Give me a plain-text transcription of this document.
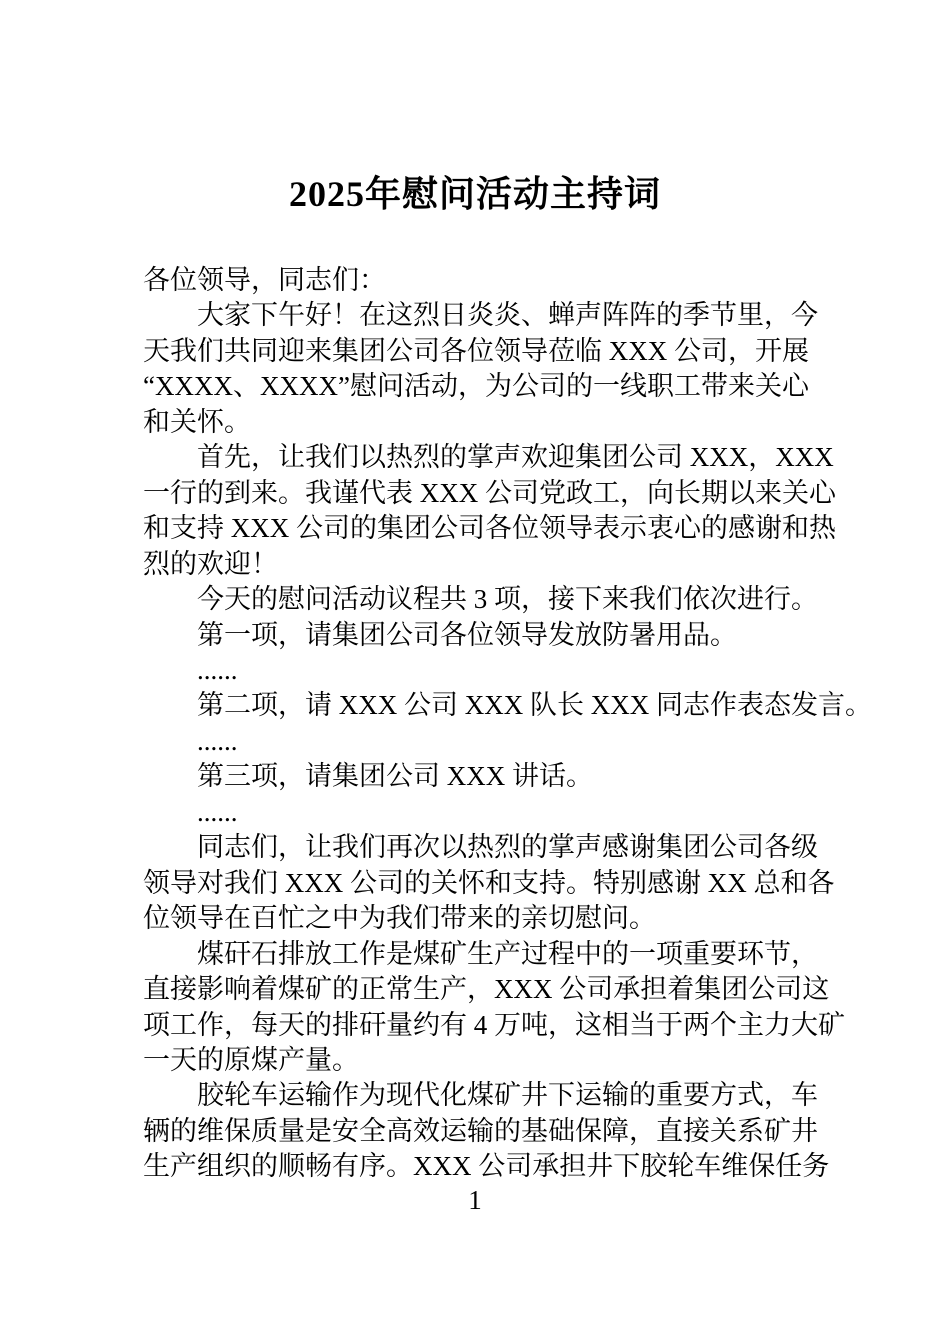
2025年慰问活动主持词
各位领导，同志们：
大家下午好！在这烈日炎炎、蝉声阵阵的季节里，今
天我们共同迎来集团公司各位领导莅临 XXX 公司，开展
“XXXX、XXXX”慰问活动，为公司的一线职工带来关心
和关怀。
首先，让我们以热烈的掌声欢迎集团公司 XXX，XXX
一行的到来。我谨代表 XXX 公司党政工，向长期以来关心
和支持 XXX 公司的集团公司各位领导表示衷心的感谢和热
烈的欢迎！
今天的慰问活动议程共 3 项，接下来我们依次进行。
第一项，请集团公司各位领导发放防暑用品。
......
第二项，请 XXX 公司 XXX 队长 XXX 同志作表态发言。
......
第三项，请集团公司 XXX 讲话。
......
同志们，让我们再次以热烈的掌声感谢集团公司各级
领导对我们 XXX 公司的关怀和支持。特别感谢 XX 总和各
位领导在百忙之中为我们带来的亲切慰问。
煤矸石排放工作是煤矿生产过程中的一项重要环节，
直接影响着煤矿的正常生产，XXX 公司承担着集团公司这
项工作，每天的排矸量约有 4 万吨，这相当于两个主力大矿
一天的原煤产量。
胶轮车运输作为现代化煤矿井下运输的重要方式，车
辆的维保质量是安全高效运输的基础保障，直接关系矿井
生产组织的顺畅有序。XXX 公司承担井下胶轮车维保任务
1
